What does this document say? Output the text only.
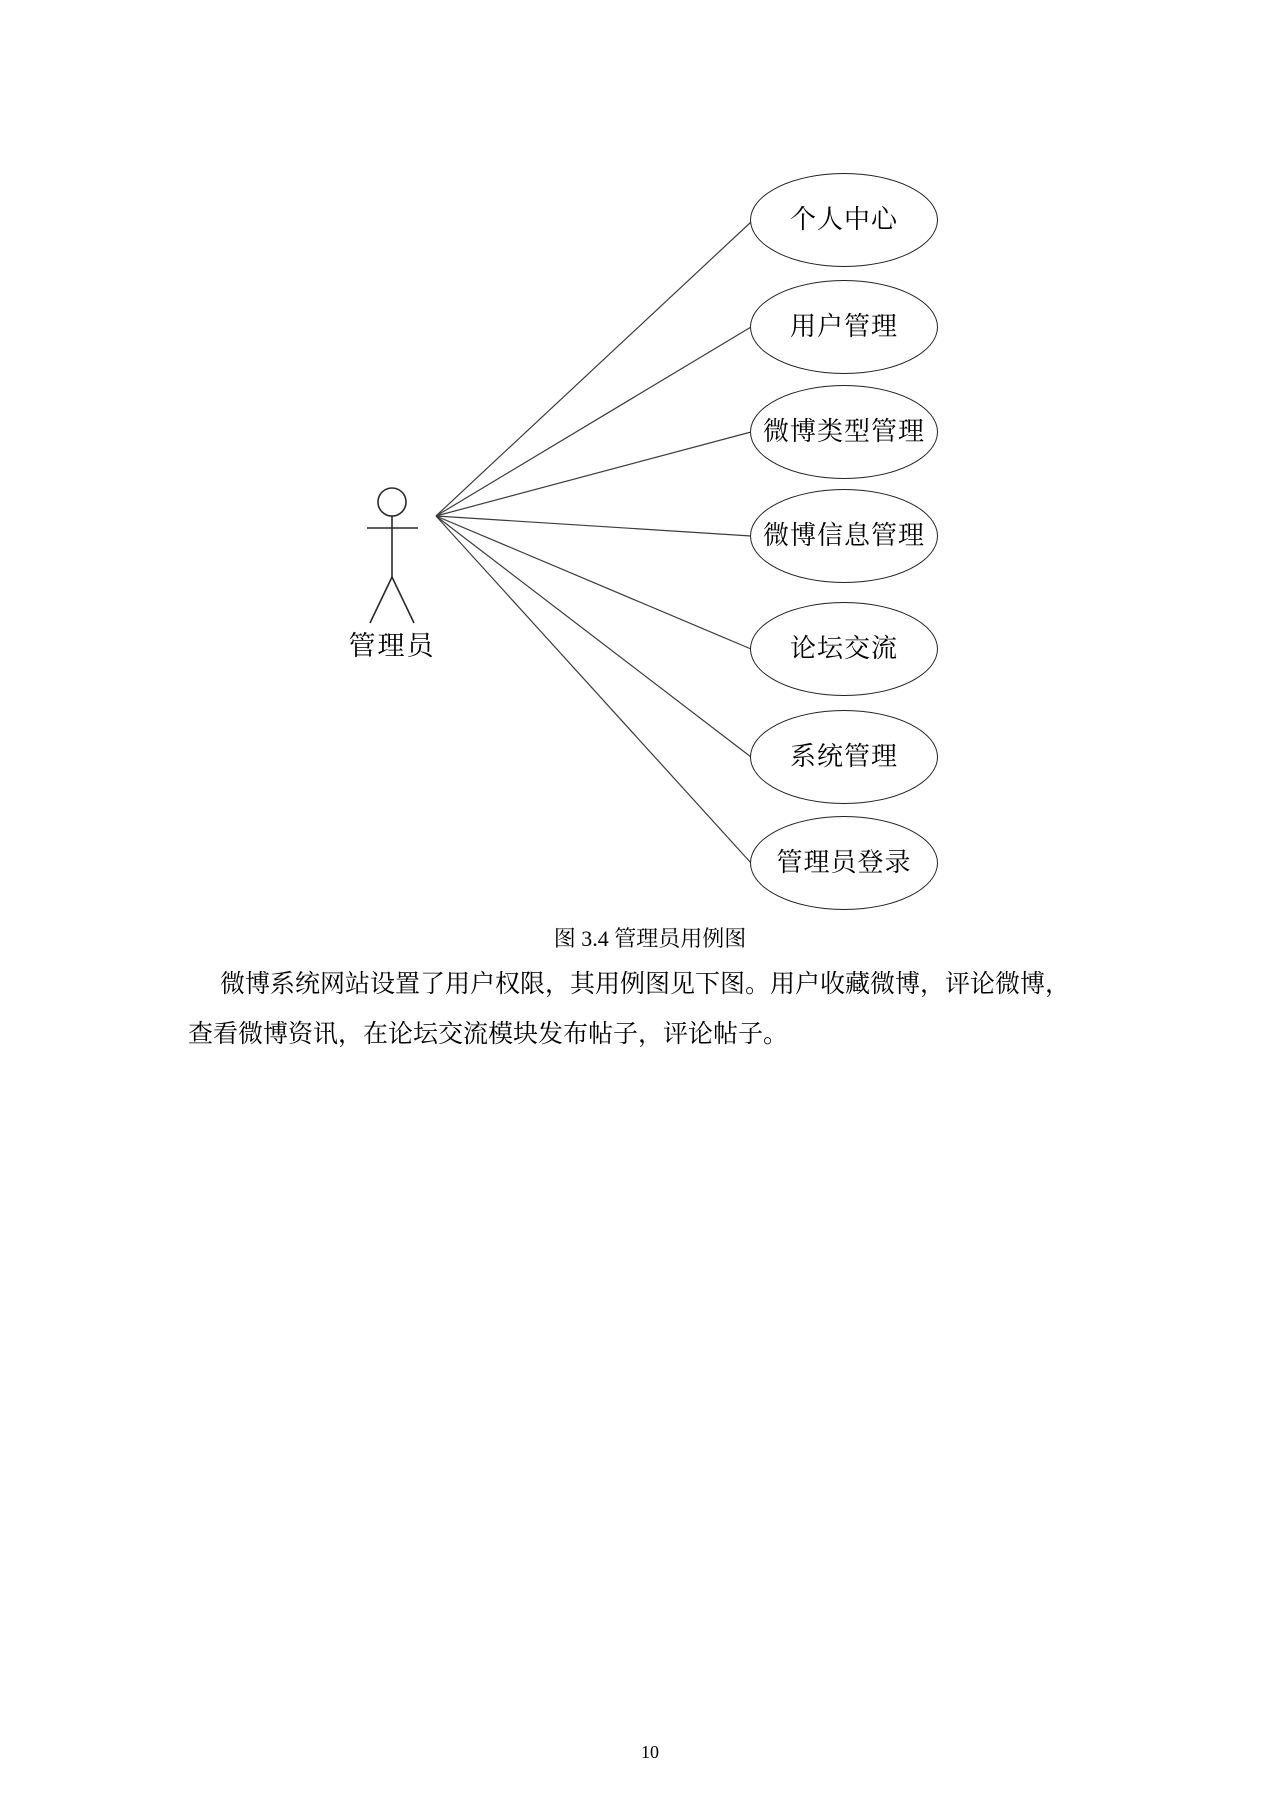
个人中心
用户管理
微博类型管理
微博信息管理
论坛交流
系统管理
管理员登录
管理员
图 3.4 管理员用例图
微博系统网站设置了用户权限，其用例图见下图。用户收藏微博，评论微博，
查看微博资讯，在论坛交流模块发布帖子，评论帖子。
10
